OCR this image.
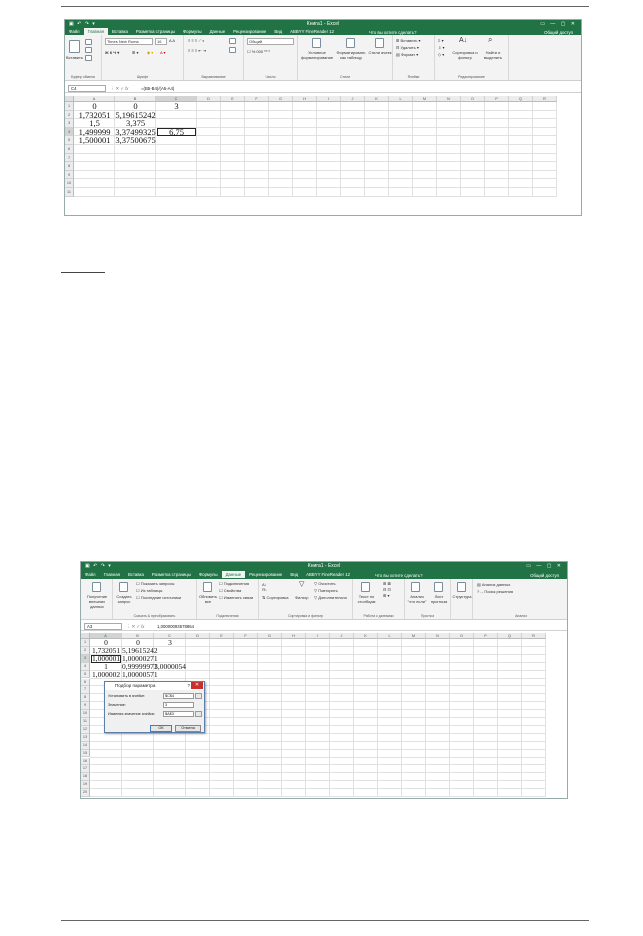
▣ ↶ ↷ ▾	Книга1 - Excel	▭ — ▢ ✕
Файл Главная Вставка Разметка страницы Формулы Данные Рецензирование Вид ABBYY FineReader 12	Что вы хотите сделать?	Общий доступ
Вставить
Буфер обмена
Times New Roma	16	A A
Ж К Ч ▾	⊞ ▾ ◆ ▾ A ▾
Шрифт
≡ ≡ ≡ ⟋ ▾
≡ ≡ ≡ ⇤ ⇥
Выравнивание
Общий
☐ % 000 ⁰⁰ ⁰
Число
Условное форматирование
Форматировать как таблицу
Стили ячеек
Стили
⊞ Вставить ▾
⊟ Удалить ▾
▤ Формат ▾
Ячейки
Σ ▾
⇩ ▾
◇ ▾
A↓
Сортировка и фильтр
⌕
Найти и выделить
Редактирование
C4	⋮ ✕ ✓ fx	=(B5-B4)/(A5-A4)
A	B	C	D	E	F	G	H	I	J	K	L	M	N	O	P	Q	R
1
2
3
4
5
6
7
8
9
10
11
0	0	3
1,732051 5,19615242
1,5	3,375
1,499999 3,37499325	6,75
1,500001 3,37500675
▣ ↶ ↷ ▾	Книга1 - Excel	▭ — ▢ ✕
Файл Главная Вставка Разметка страницы Формулы Данные Рецензирование Вид ABBYY FineReader 12	Что вы хотите сделать?	Общий доступ
Получение внешних данных
Создать запрос
☐ Показать запросы
☐ Из таблицы
☐ Последние источники
Скачать & преобразовать
Обновить все
☐ Подключения
☐ Свойства
☐ Изменить связи
Подключения
A↓
Я↓
⇅ Сортировка
▽
Фильтр
▽ Очистить
▽ Повторить
▽ Дополнительно
Сортировка и фильтр
Текст по столбцам
⊞ ⊠
⊟ ⊡
⊞ ▾
Работа с данными
Анализ "что если"
Лист прогноза
Прогноз
Структура
▤ Анализ данных
?→ Поиск решения
Анализ
A3	⋮ ✕ ✓ fx	1,00000093578864
A	B	C	D	E	F	G	H	I	J	K	L	M	N	O	P	Q	R
1
2
3
4
5
6
7
8
9
10
11
12
13
14
15
16
17
18
19
20
0	0	3
1,732051 5,19615242
1,000001 1,00000271
1	0,99999971
3,0000054
1,000002 1,00000571
Подбор параметра	? ✕
Установить в ячейке:	$C$4
Значение:	3
Изменяя значение ячейки:	$A$3
ОК	Отмена
